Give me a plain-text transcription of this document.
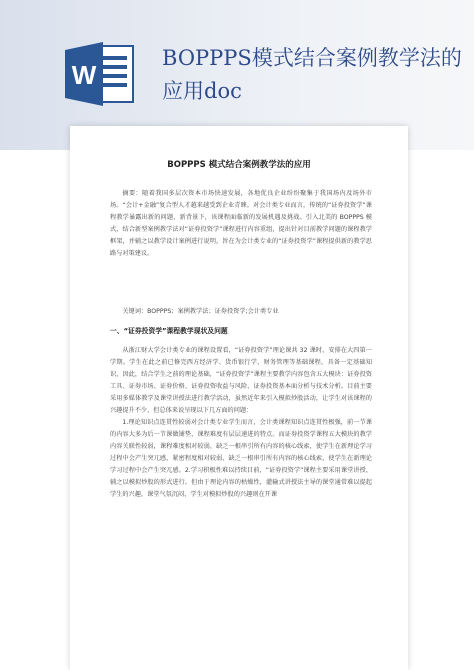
W
BOPPPS模式结合案例教学法的应用doc
BOPPPS 模式结合案例教学法的应用
摘要：随着我国多层次资本市场快速发展，各地优良企业纷纷聚集于我国场内及场外市场。“会计+金融”复合型人才越来越受到企业青睐。对会计类专业而言，传统的“证券投资学”课程教学暴露出新的问题，新背景下，该课程面临新的发展机遇及挑战。引入北美的 BOPPPS 模式，结合新型案例教学法对“证券投资学”课程进行内容重组，提出针对目前教学问题的课程教学框架，并辅之以教学设计案例进行说明，旨在为会计类专业的“证券投资学”课程提供新的教学思路与对策建议。
关键词：BOPPPS；案例教学法；证券投资学;会计类专业
一、“证券投资学”课程教学现状及问题
从浙江财大学会计类专业的课程设置看，“证券投资学”理论课共 32 课时，安排在大四第一学期。学生在此之前已修完西方经济学、货币银行学、财务管理等基础课程，具备一定基础知识，因此，结合学生之前的理论基础，“证券投资学”课程主要教学内容包含五大模块：证券投资工具、证券市场、证券价格、证券投资收益与风险、证券投资基本面分析与技术分析。目前主要采用多媒体教学及课堂讲授法进行教学活动，虽然近年来引入模拟炒股活动，让学生对该课程的兴趣提升不少，但总体来说呈现以下几方面的问题：
1.理论知识点连贯性较弱对会计类专业学生而言，会计类课程知识点连贯性极强，前一节课的内容大多为后一节课做铺垫，课程难度有层层递进的特点。而证券投资学课程五大模块的教学内容关联性较弱，课程难度相对较弱，缺乏一根串引所有内容的核心线索，使学生在新理论学习过程中会产生突兀感，紧密程度相对较弱，缺乏一根串引所有内容的核心线索，使学生在新理论学习过程中会产生突兀感。2.学习积极性难以持续目前，“证券投资学”课程主要采用课堂讲授、辅之以模拟炒股的形式进行。但由于理论内容的枯燥性，灌输式讲授法主导的课堂通常难以提起学生的兴趣，课堂气氛沉闷，学生对模拟炒股的兴趣则在开课
